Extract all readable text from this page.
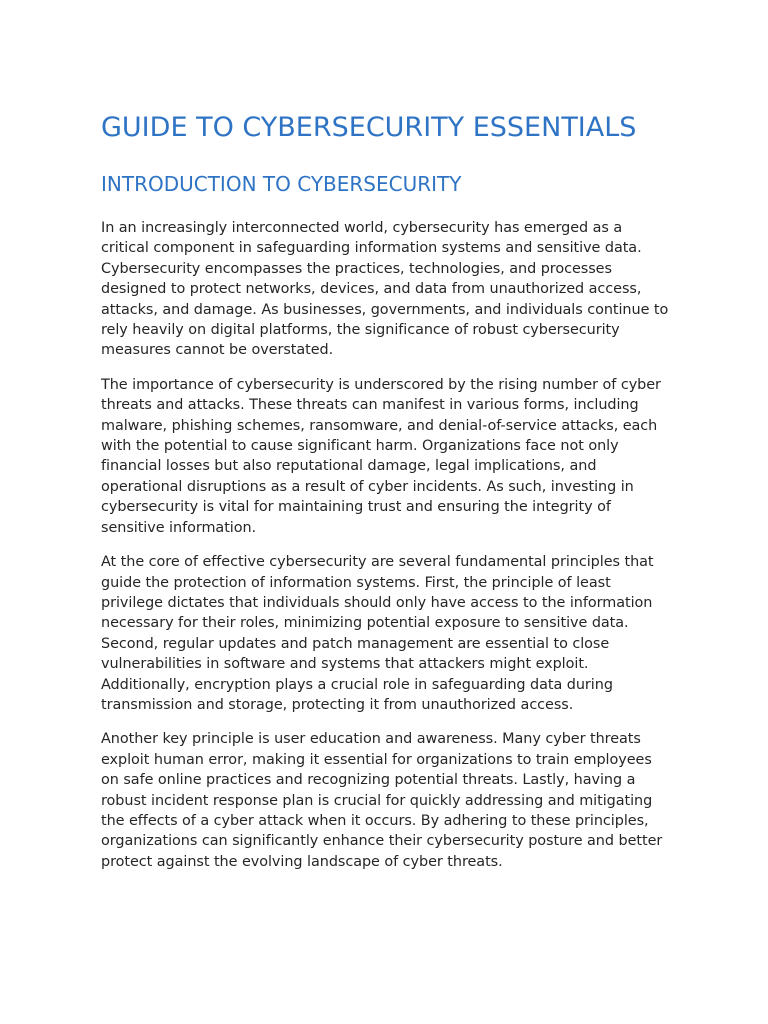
GUIDE TO CYBERSECURITY ESSENTIALS
INTRODUCTION TO CYBERSECURITY

In an increasingly interconnected world, cybersecurity has emerged as a critical component in safeguarding information systems and sensitive data. Cybersecurity encompasses the practices, technologies, and processes designed to protect networks, devices, and data from unauthorized access, attacks, and damage. As businesses, governments, and individuals continue to rely heavily on digital platforms, the significance of robust cybersecurity measures cannot be overstated.

The importance of cybersecurity is underscored by the rising number of cyber threats and attacks. These threats can manifest in various forms, including malware, phishing schemes, ransomware, and denial-of-service attacks, each with the potential to cause significant harm. Organizations face not only financial losses but also reputational damage, legal implications, and operational disruptions as a result of cyber incidents. As such, investing in cybersecurity is vital for maintaining trust and ensuring the integrity of sensitive information.

At the core of effective cybersecurity are several fundamental principles that guide the protection of information systems. First, the principle of least privilege dictates that individuals should only have access to the information necessary for their roles, minimizing potential exposure to sensitive data. Second, regular updates and patch management are essential to close vulnerabilities in software and systems that attackers might exploit. Additionally, encryption plays a crucial role in safeguarding data during transmission and storage, protecting it from unauthorized access.

Another key principle is user education and awareness. Many cyber threats exploit human error, making it essential for organizations to train employees on safe online practices and recognizing potential threats. Lastly, having a robust incident response plan is crucial for quickly addressing and mitigating the effects of a cyber attack when it occurs. By adhering to these principles, organizations can significantly enhance their cybersecurity posture and better protect against the evolving landscape of cyber threats.
